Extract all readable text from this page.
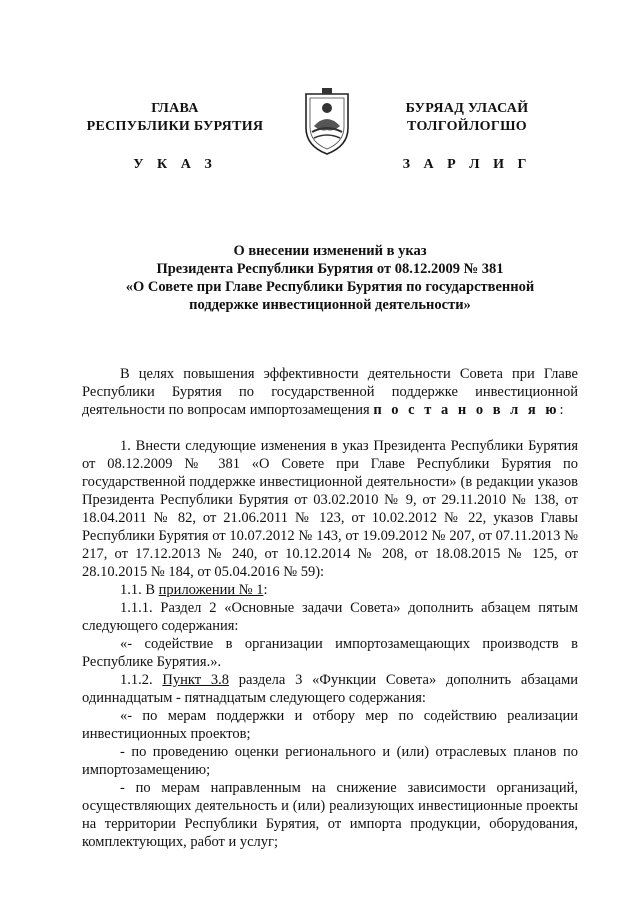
ГЛАВА
РЕСПУБЛИКИ БУРЯТИЯ
У К А З
БУРЯАД УЛАСАЙ
ТОЛГОЙЛОГШО
З А Р Л И Г
О внесении изменений в указ
Президента Республики Бурятия от 08.12.2009 № 381
«О Совете при Главе Республики Бурятия по государственной
поддержке инвестиционной деятельности»

В целях повышения эффективности деятельности Совета при Главе Республики Бурятия по государственной поддержке инвестиционной деятельности по вопросам импортозамещения п о с т а н о в л я ю:

1. Внести следующие изменения в указ Президента Республики Бурятия от 08.12.2009 № 381 «О Совете при Главе Республики Бурятия по государственной поддержке инвестиционной деятельности» (в редакции указов Президента Республики Бурятия от 03.02.2010 № 9, от 29.11.2010 № 138, от 18.04.2011 № 82, от 21.06.2011 № 123, от 10.02.2012 № 22, указов Главы Республики Бурятия от 10.07.2012 № 143, от 19.09.2012 № 207, от 07.11.2013 № 217, от 17.12.2013 № 240, от 10.12.2014 № 208, от 18.08.2015 № 125, от 28.10.2015 № 184, от 05.04.2016 № 59):

1.1. В приложении № 1:

1.1.1. Раздел 2 «Основные задачи Совета» дополнить абзацем пятым следующего содержания:

«- содействие в организации импортозамещающих производств в Республике Бурятия.».

1.1.2. Пункт 3.8 раздела 3 «Функции Совета» дополнить абзацами одиннадцатым - пятнадцатым следующего содержания:

«- по мерам поддержки и отбору мер по содействию реализации инвестиционных проектов;

- по проведению оценки регионального и (или) отраслевых планов по импортозамещению;

- по мерам направленным на снижение зависимости организаций, осуществляющих деятельность и (или) реализующих инвестиционные проекты на территории Республики Бурятия, от импорта продукции, оборудования, комплектующих, работ и услуг;
